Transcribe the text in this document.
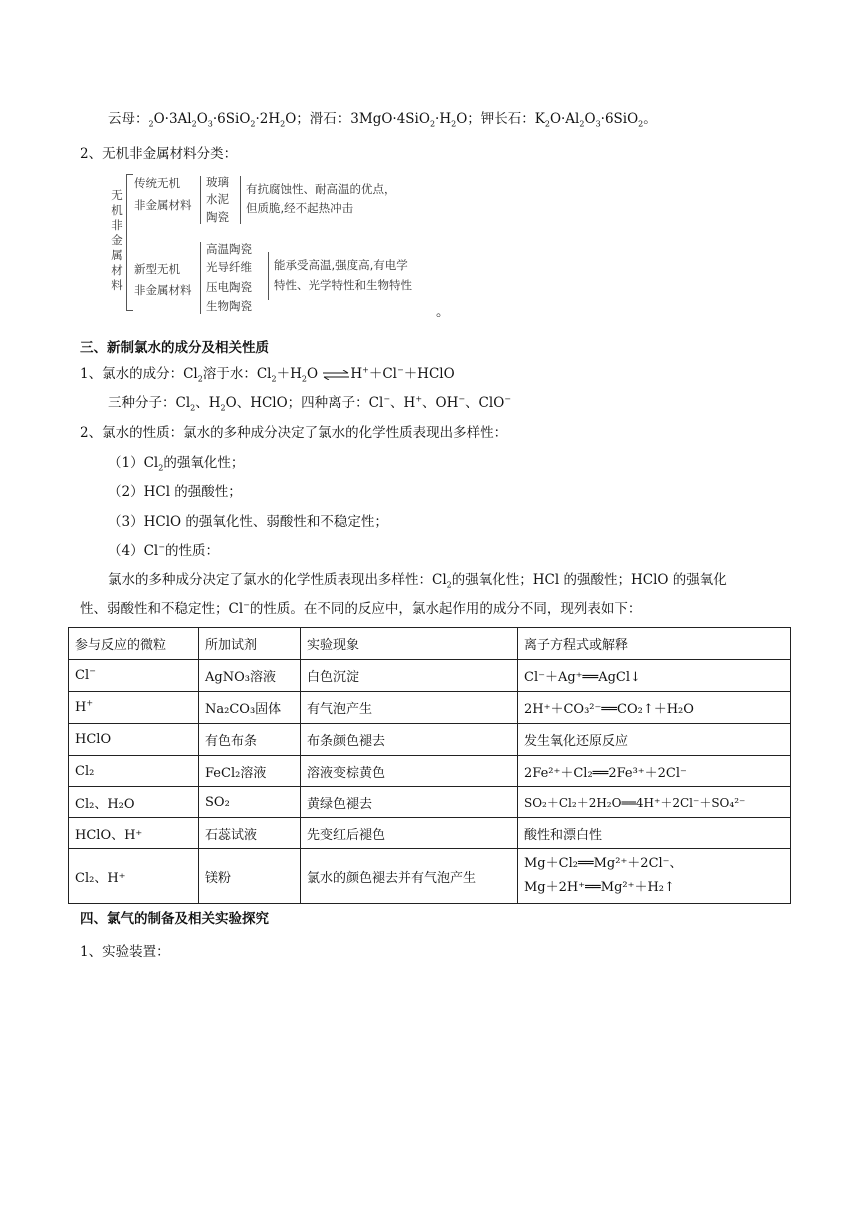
云母：$_2O\cdot 3Al_2O_3\cdot 6SiO_2\cdot 2H_2O$；滑石：$3MgO\cdot 4SiO_2\cdot H_2O$；钾长石：$K_2O\cdot Al_2O_3\cdot 6SiO_2$。
2、无机非金属材料分类：
无
机
非
金
属
材
料
传统无机
非金属材料
玻璃
水泥
陶瓷
有抗腐蚀性、耐高温的优点，
但质脆,经不起热冲击
新型无机
非金属材料
高温陶瓷
光导纤维
压电陶瓷
生物陶瓷
能承受高温,强度高,有电学
特性、光学特性和生物特性
。
三、新制氯水的成分及相关性质
1、氯水的成分：$Cl_2$溶于水：$Cl_2+H_2O$ ⇌H+＋Cl−＋HClO
三种分子：$Cl_2$、$H_2O$、HClO；四种离子：Cl−、H+、OH−、ClO−
2、氯水的性质：氯水的多种成分决定了氯水的化学性质表现出多样性：
$(1)Cl_2$的强氧化性；
（2）HCl 的强酸性；
（3）HClO 的强氧化性、弱酸性和不稳定性；
（4）Cl−的性质：
氯水的多种成分决定了氯水的化学性质表现出多样性：$Cl_2$的强氧化性；HCl 的强酸性；HClO 的强氧化
性、弱酸性和不稳定性；Cl−的性质。在不同的反应中，氯水起作用的成分不同，现列表如下：
参与反应的微粒	所加试剂	实验现象	离子方程式或解释
Cl−	AgNO₃溶液	白色沉淀	Cl⁻＋Ag⁺══AgCl↓
H+	Na₂CO₃固体	有气泡产生	2H⁺＋CO₃²⁻══CO₂↑＋H₂O
HClO	有色布条	布条颜色褪去	发生氧化还原反应
Cl₂	FeCl₂溶液	溶液变棕黄色	2Fe²⁺＋Cl₂══2Fe³⁺＋2Cl⁻
Cl₂、H₂O	SO₂	黄绿色褪去	SO₂＋Cl₂＋2H₂O══4H⁺＋2Cl⁻＋SO₄²⁻
HClO、H⁺	石蕊试液	先变红后褪色	酸性和漂白性
Cl₂、H⁺	镁粉	氯水的颜色褪去并有气泡产生	Mg＋Cl₂══Mg²⁺＋2Cl⁻、
Mg＋2H⁺══Mg²⁺＋H₂↑
四、氯气的制备及相关实验探究
1、实验装置：
